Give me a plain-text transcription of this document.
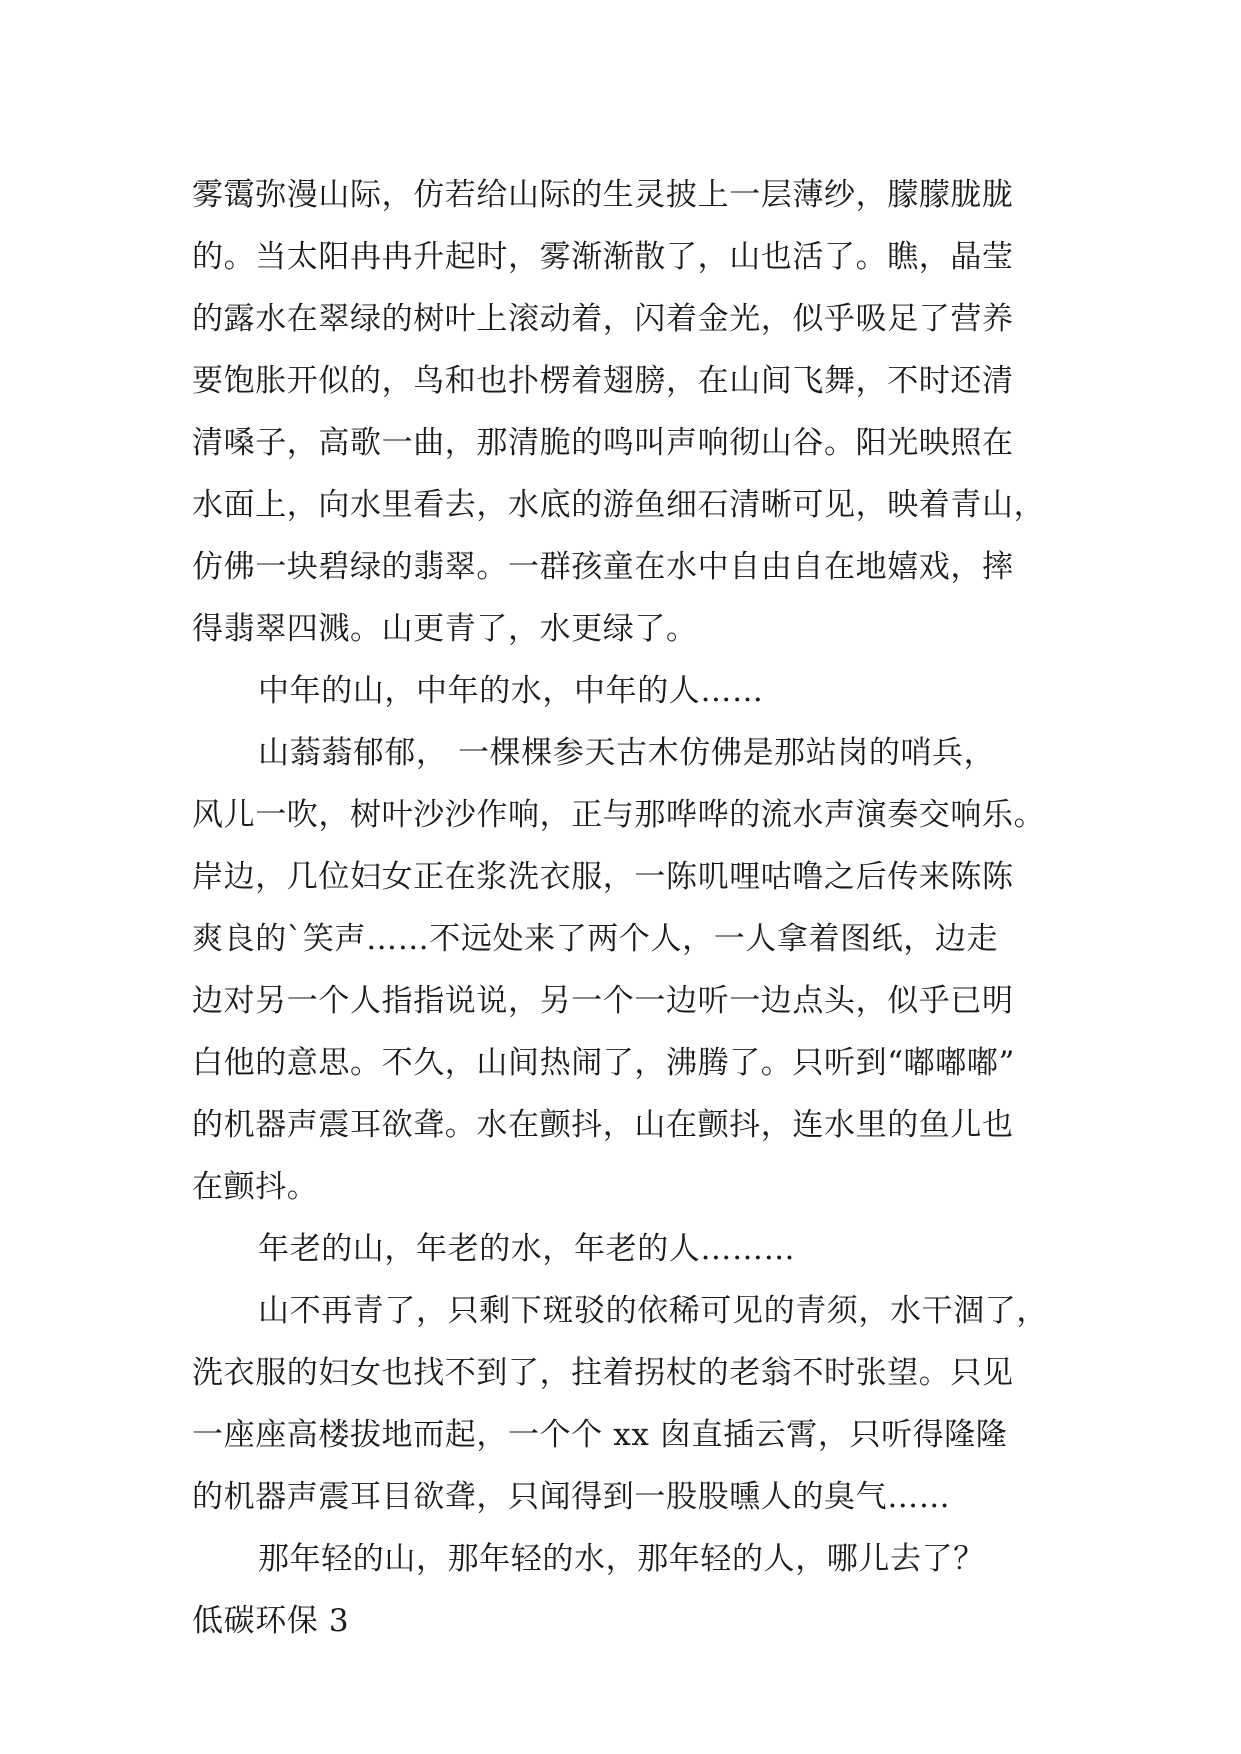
雾霭弥漫山际，仿若给山际的生灵披上一层薄纱，朦朦胧胧
的。当太阳冉冉升起时，雾渐渐散了，山也活了。瞧，晶莹
的露水在翠绿的树叶上滚动着，闪着金光，似乎吸足了营养
要饱胀开似的，鸟和也扑楞着翅膀，在山间飞舞，不时还清
清嗓子，高歌一曲，那清脆的鸣叫声响彻山谷。阳光映照在
水面上，向水里看去，水底的游鱼细石清晰可见，映着青山，
仿佛一块碧绿的翡翠。一群孩童在水中自由自在地嬉戏，摔
得翡翠四溅。山更青了，水更绿了。
中年的山，中年的水，中年的人……
山蓊蓊郁郁， 一棵棵参天古木仿佛是那站岗的哨兵，
风儿一吹，树叶沙沙作响，正与那哗哗的流水声演奏交响乐。
岸边，几位妇女正在浆洗衣服，一陈叽哩咕噜之后传来陈陈
爽良的`笑声……不远处来了两个人，一人拿着图纸，边走
边对另一个人指指说说，另一个一边听一边点头，似乎已明
白他的意思。不久，山间热闹了，沸腾了。只听到“嘟嘟嘟”
的机器声震耳欲聋。水在颤抖，山在颤抖，连水里的鱼儿也
在颤抖。
年老的山，年老的水，年老的人………
山不再青了，只剩下斑驳的依稀可见的青须，水干涸了，
洗衣服的妇女也找不到了，拄着拐杖的老翁不时张望。只见
一座座高楼拔地而起，一个个 xx 囱直插云霄，只听得隆隆
的机器声震耳目欲聋，只闻得到一股股曛人的臭气……
那年轻的山，那年轻的水，那年轻的人，哪儿去了？
低碳环保 3
